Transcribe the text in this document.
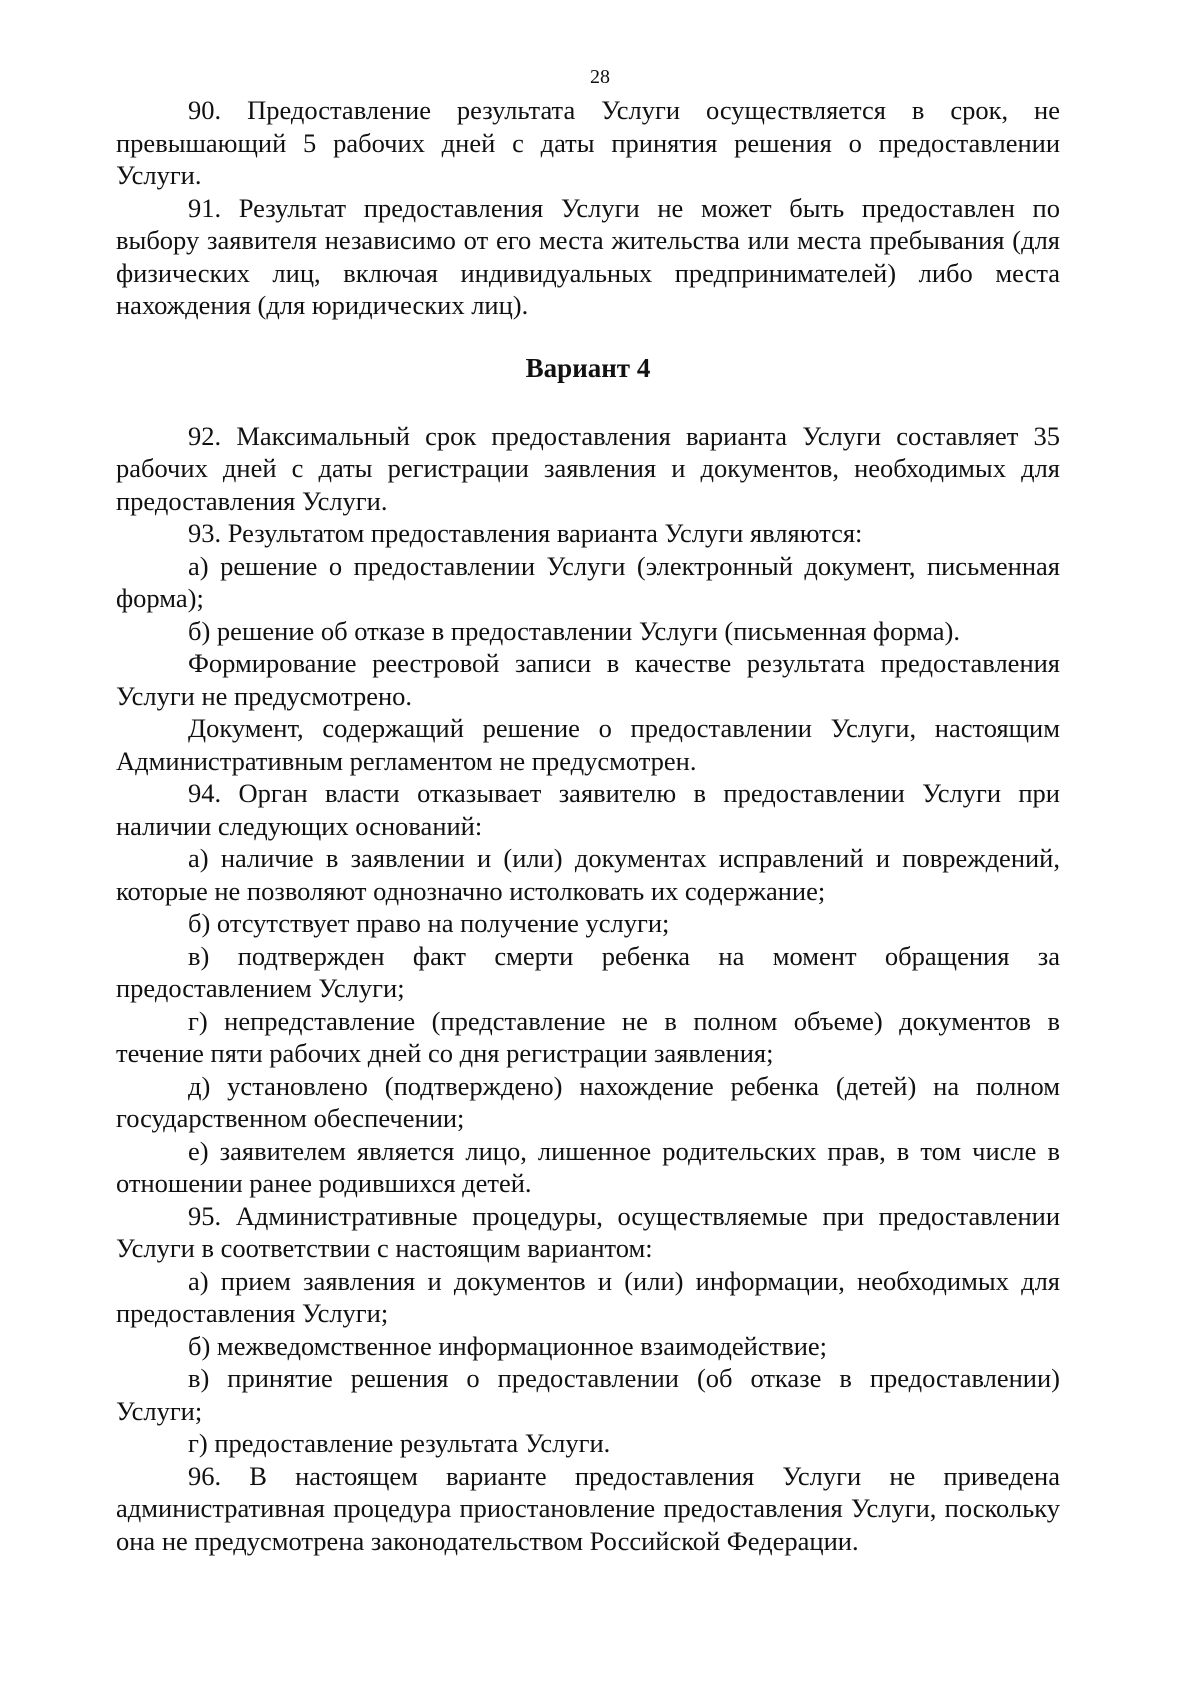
28

90. Предоставление результата Услуги осуществляется в срок, не превышающий 5 рабочих дней с даты принятия решения о предоставлении Услуги.

91. Результат предоставления Услуги не может быть предоставлен по выбору заявителя независимо от его места жительства или места пребывания (для физических лиц, включая индивидуальных предпринимателей) либо места нахождения (для юридических лиц).

Вариант 4

92. Максимальный срок предоставления варианта Услуги составляет 35 рабочих дней с даты регистрации заявления и документов, необходимых для предоставления Услуги.

93. Результатом предоставления варианта Услуги являются:

а) решение о предоставлении Услуги (электронный документ, письменная форма);

б) решение об отказе в предоставлении Услуги (письменная форма).

Формирование реестровой записи в качестве результата предоставления Услуги не предусмотрено.

Документ, содержащий решение о предоставлении Услуги, настоящим Административным регламентом не предусмотрен.

94. Орган власти отказывает заявителю в предоставлении Услуги при наличии следующих оснований:

а) наличие в заявлении и (или) документах исправлений и повреждений, которые не позволяют однозначно истолковать их содержание;

б) отсутствует право на получение услуги;

в) подтвержден факт смерти ребенка на момент обращения за предоставлением Услуги;

г) непредставление (представление не в полном объеме) документов в течение пяти рабочих дней со дня регистрации заявления;

д) установлено (подтверждено) нахождение ребенка (детей) на полном государственном обеспечении;

е) заявителем является лицо, лишенное родительских прав, в том числе в отношении ранее родившихся детей.

95. Административные процедуры, осуществляемые при предоставлении Услуги в соответствии с настоящим вариантом:

а) прием заявления и документов и (или) информации, необходимых для предоставления Услуги;

б) межведомственное информационное взаимодействие;

в) принятие решения о предоставлении (об отказе в предоставлении) Услуги;

г) предоставление результата Услуги.

96. В настоящем варианте предоставления Услуги не приведена административная процедура приостановление предоставления Услуги, поскольку она не предусмотрена законодательством Российской Федерации.
